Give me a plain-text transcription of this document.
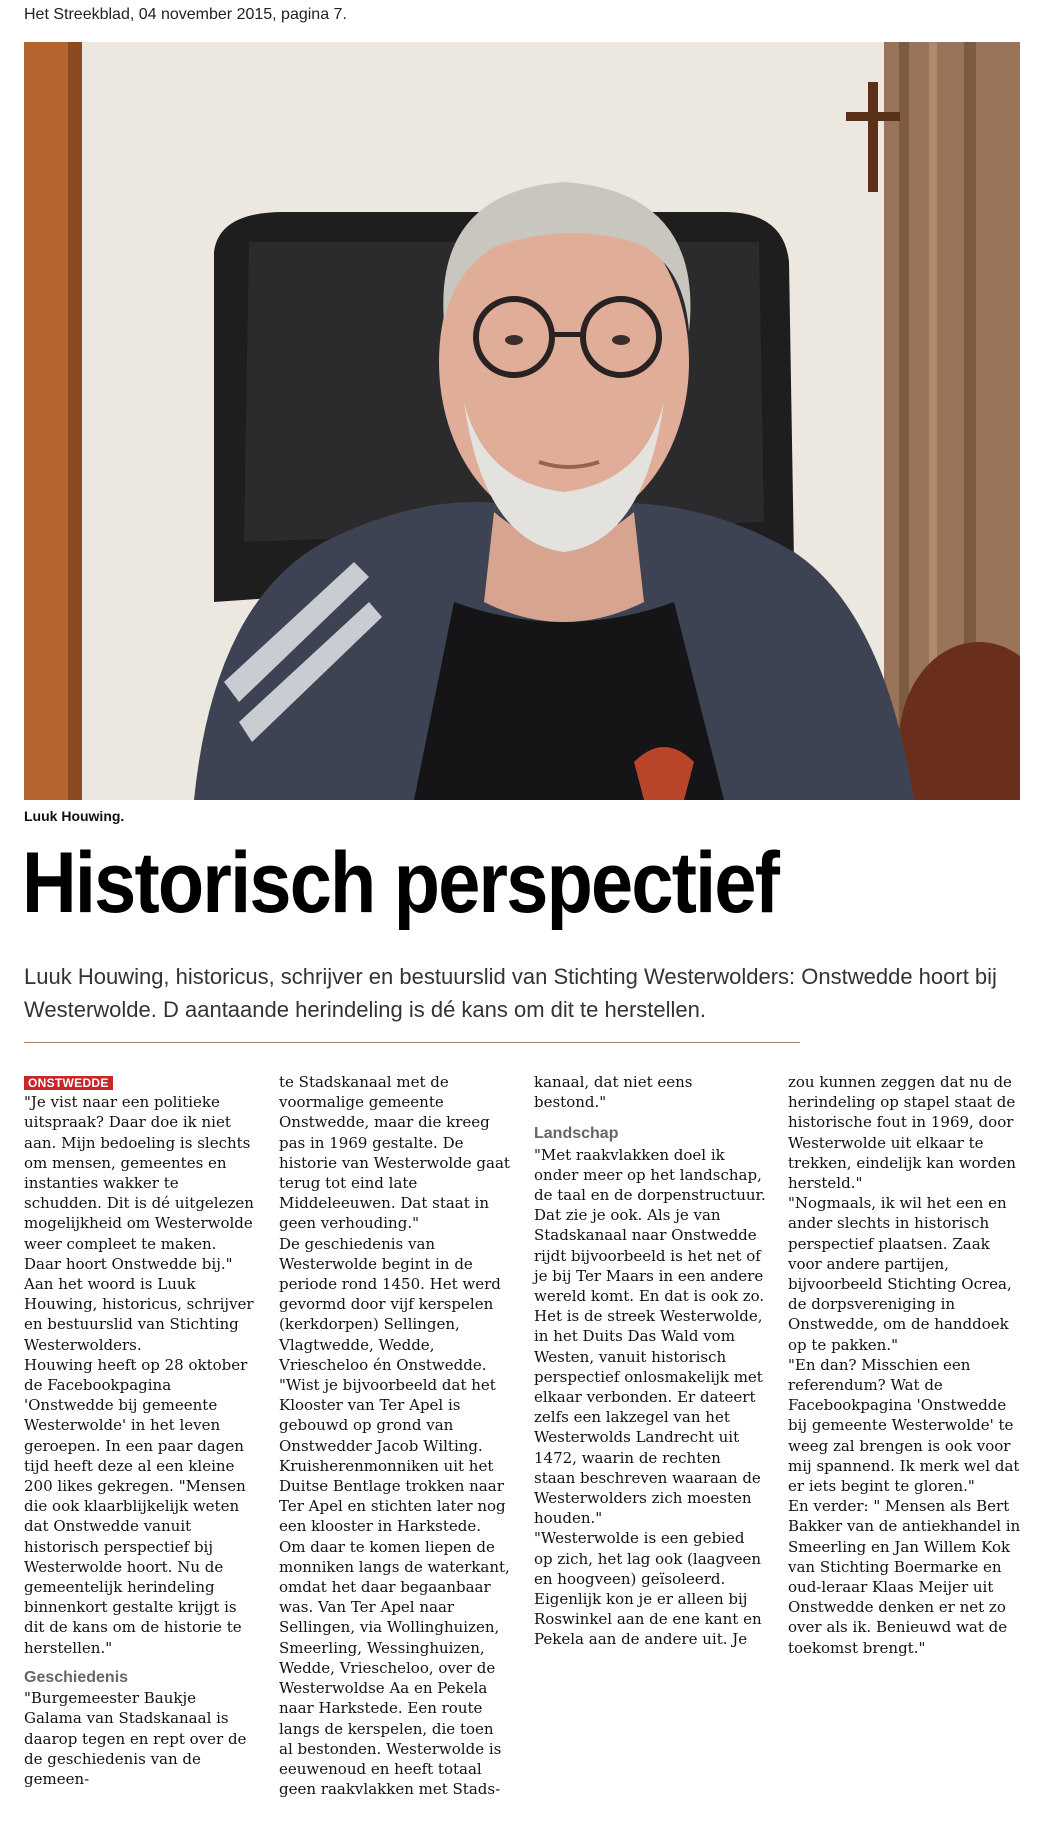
Het Streekblad, 04 november 2015, pagina 7.
Luuk Houwing.
Historisch perspectief

Luuk Houwing, historicus, schrijver en bestuurslid van Stichting Westerwolders: Onstwedde hoort bij Westerwolde. D aantaande herindeling is dé kans om dit te herstellen.

ONSTWEDDE

"Je vist naar een politieke uitspraak? Daar doe ik niet aan. Mijn bedoeling is slechts om mensen, gemeentes en instanties wakker te schudden. Dit is dé uitgelezen mogelijkheid om Westerwolde weer compleet te maken. Daar hoort Onstwedde bij."

Aan het woord is Luuk Houwing, historicus, schrijver en bestuurslid van Stichting Westerwolders.

Houwing heeft op 28 oktober de Facebookpagina 'Onstwedde bij gemeente Westerwolde' in het leven geroepen. In een paar dagen tijd heeft deze al een kleine 200 likes gekregen. "Mensen die ook klaarblijkelijk weten dat Onstwedde vanuit historisch perspectief bij Westerwolde hoort. Nu de gemeentelijk herindeling binnenkort gestalte krijgt is dit de kans om de historie te herstellen."

Geschiedenis

"Burgemeester Baukje Galama van Stadskanaal is daarop tegen en rept over de de geschiedenis van de gemeen-

te Stadskanaal met de voormalige gemeente Onstwedde, maar die kreeg pas in 1969 gestalte. De historie van Westerwolde gaat terug tot eind late Middeleeuwen. Dat staat in geen verhouding."

De geschiedenis van Westerwolde begint in de periode rond 1450. Het werd gevormd door vijf kerspelen (kerkdorpen) Sellingen, Vlagtwedde, Wedde, Vriescheloo én Onstwedde. "Wist je bijvoorbeeld dat het Klooster van Ter Apel is gebouwd op grond van Onstwedder Jacob Wilting. Kruisherenmonniken uit het Duitse Bentlage trokken naar Ter Apel en stichten later nog een klooster in Harkstede. Om daar te komen liepen de monniken langs de waterkant, omdat het daar begaanbaar was. Van Ter Apel naar Sellingen, via Wollinghuizen, Smeerling, Wessinghuizen, Wedde, Vriescheloo, over de Westerwoldse Aa en Pekela naar Harkstede. Een route langs de kerspelen, die toen al bestonden. Westerwolde is eeuwenoud en heeft totaal geen raakvlakken met Stads-

kanaal, dat niet eens bestond."

Landschap

"Met raakvlakken doel ik onder meer op het landschap, de taal en de dorpenstructuur. Dat zie je ook. Als je van Stadskanaal naar Onstwedde rijdt bijvoorbeeld is het net of je bij Ter Maars in een andere wereld komt. En dat is ook zo. Het is de streek Westerwolde, in het Duits Das Wald vom Westen, vanuit historisch perspectief onlosmakelijk met elkaar verbonden. Er dateert zelfs een lakzegel van het Westerwolds Landrecht uit 1472, waarin de rechten staan beschreven waaraan de Westerwolders zich moesten houden."

"Westerwolde is een gebied op zich, het lag ook (laagveen en hoogveen) geïsoleerd. Eigenlijk kon je er alleen bij Roswinkel aan de ene kant en Pekela aan de andere uit. Je

zou kunnen zeggen dat nu de herindeling op stapel staat de historische fout in 1969, door Westerwolde uit elkaar te trekken, eindelijk kan worden hersteld."

"Nogmaals, ik wil het een en ander slechts in historisch perspectief plaatsen. Zaak voor andere partijen, bijvoorbeeld Stichting Ocrea, de dorpsvereniging in Onstwedde, om de handdoek op te pakken."

"En dan? Misschien een referendum? Wat de Facebookpagina 'Onstwedde bij gemeente Westerwolde' te weeg zal brengen is ook voor mij spannend. Ik merk wel dat er iets begint te gloren."

En verder: " Mensen als Bert Bakker van de antiekhandel in Smeerling en Jan Willem Kok van Stichting Boermarke en oud-leraar Klaas Meijer uit Onstwedde denken er net zo over als ik. Benieuwd wat de toekomst brengt."
